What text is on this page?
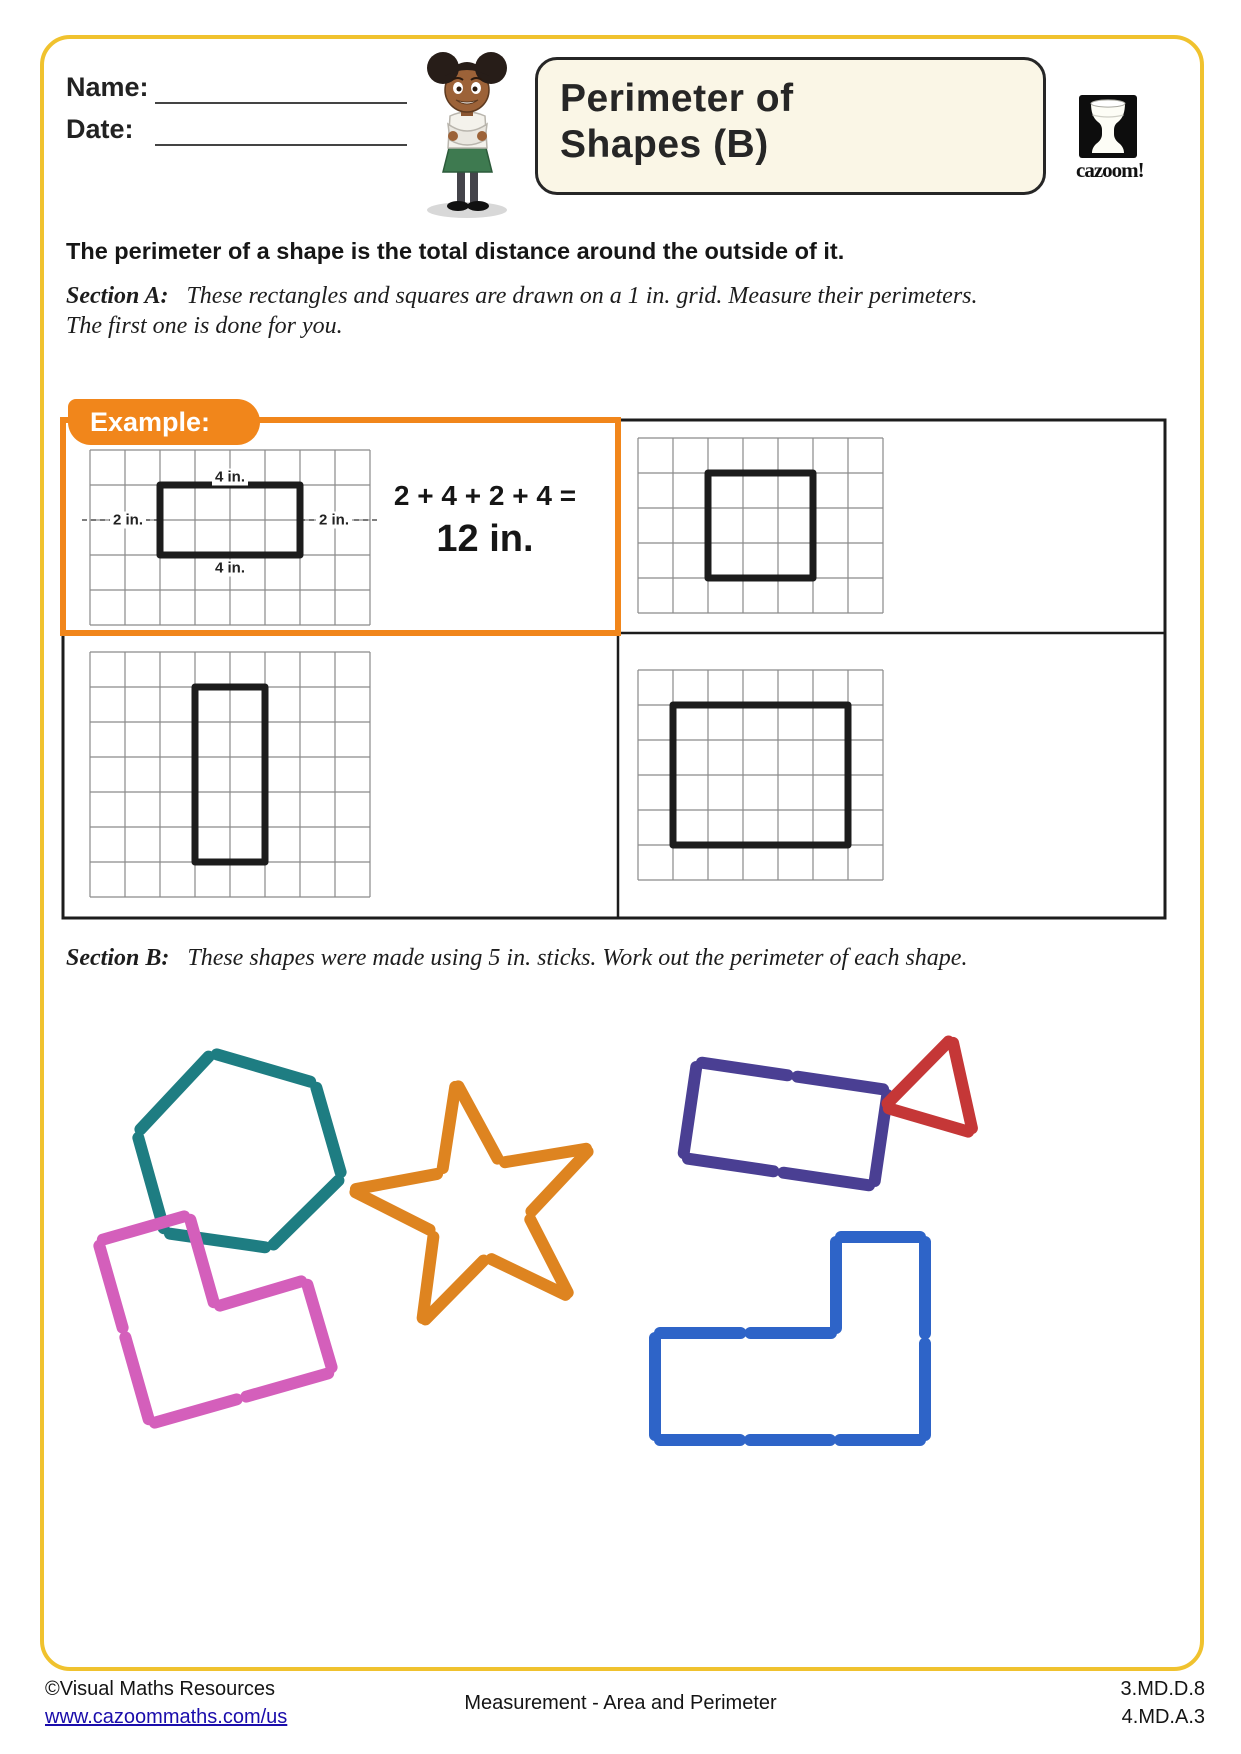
Name:
Date:
Perimeter of
Shapes (B)
cazoom!
The perimeter of a shape is the total distance around the outside of it.
Section A: These rectangles and squares are drawn on a 1 in. grid. Measure their perimeters.
The first one is done for you.
Example:
2 + 4 + 2 + 4 =
12 in.
4 in.
2 in.	2 in.
4 in.
Section B: These shapes were made using 5 in. sticks. Work out the perimeter of each shape.
©Visual Maths Resources
www.cazoommaths.com/us
Measurement - Area and Perimeter
3.MD.D.8
4.MD.A.3
